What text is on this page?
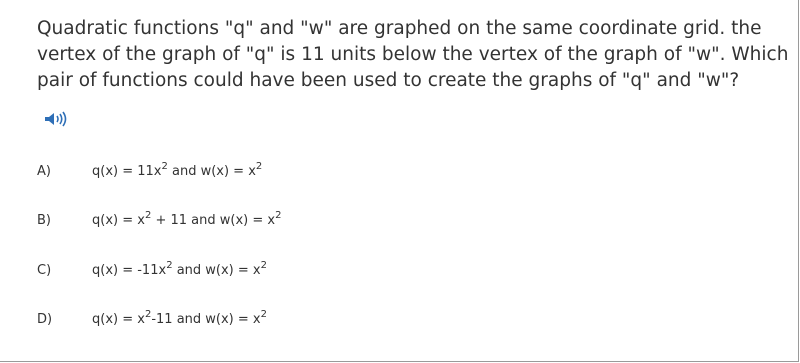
Quadratic functions "q" and "w" are graphed on the same coordinate grid. the vertex of the graph of "q" is 11 units below the vertex of the graph of "w". Which pair of functions could have been used to create the graphs of "q" and "w"?

A)	$q(x) = 11x^2$ and $w(x) = x^2$
B)	$q(x) = x^2 + 11$ and $w(x) = x^2$
C)	$q(x) = -11x^2$ and $w(x) = x^2$
D)	$q(x) = x^2-11$ and $w(x) = x^2$
